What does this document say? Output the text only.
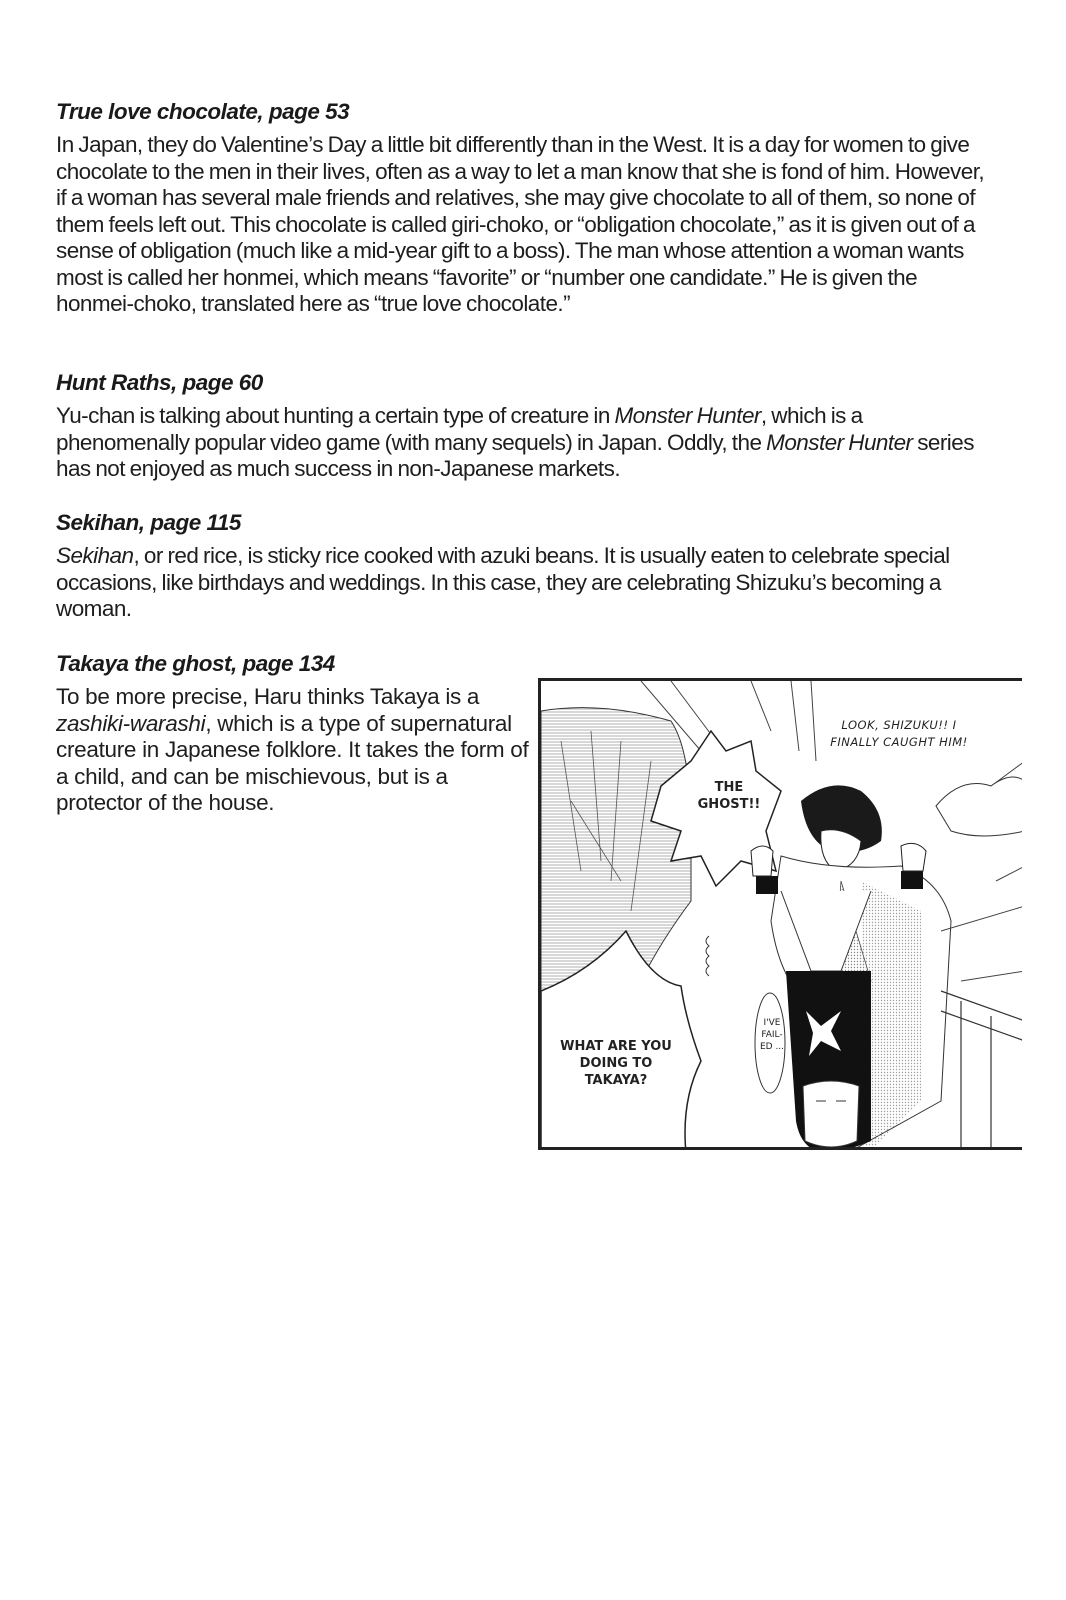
True love chocolate, page 53

In Japan, they do Valentine’s Day a little bit differently than in the West. It is a day for women to give chocolate to the men in their lives, often as a way to let a man know that she is fond of him. However, if a woman has several male friends and relatives, she may give chocolate to all of them, so none of them feels left out. This chocolate is called giri-choko, or “obligation chocolate,” as it is given out of a sense of obligation (much like a mid-year gift to a boss). The man whose attention a woman wants most is called her honmei, which means “favorite” or “number one candidate.” He is given the honmei-choko, translated here as “true love chocolate.”

Hunt Raths, page 60

Yu-chan is talking about hunting a certain type of creature in Monster Hunter, which is a phenomenally popular video game (with many sequels) in Japan. Oddly, the Monster Hunter series has not enjoyed as much success in non-Japanese markets.

Sekihan, page 115

Sekihan, or red rice, is sticky rice cooked with azuki beans. It is usually eaten to celebrate special occasions, like birthdays and weddings. In this case, they are celebrating Shizuku’s becoming a woman.

Takaya the ghost, page 134

To be more precise, Haru thinks Takaya is a zashiki-warashi, which is a type of supernatural creature in Japanese folklore. It takes the form of a child, and can be mischievous, but is a protector of the house.

THE GHOST!!
LOOK, SHIZUKU!! I FINALLY CAUGHT HIM!
WHAT ARE YOU DOING TO TAKAYA?
I'VE FAIL- ED ...
